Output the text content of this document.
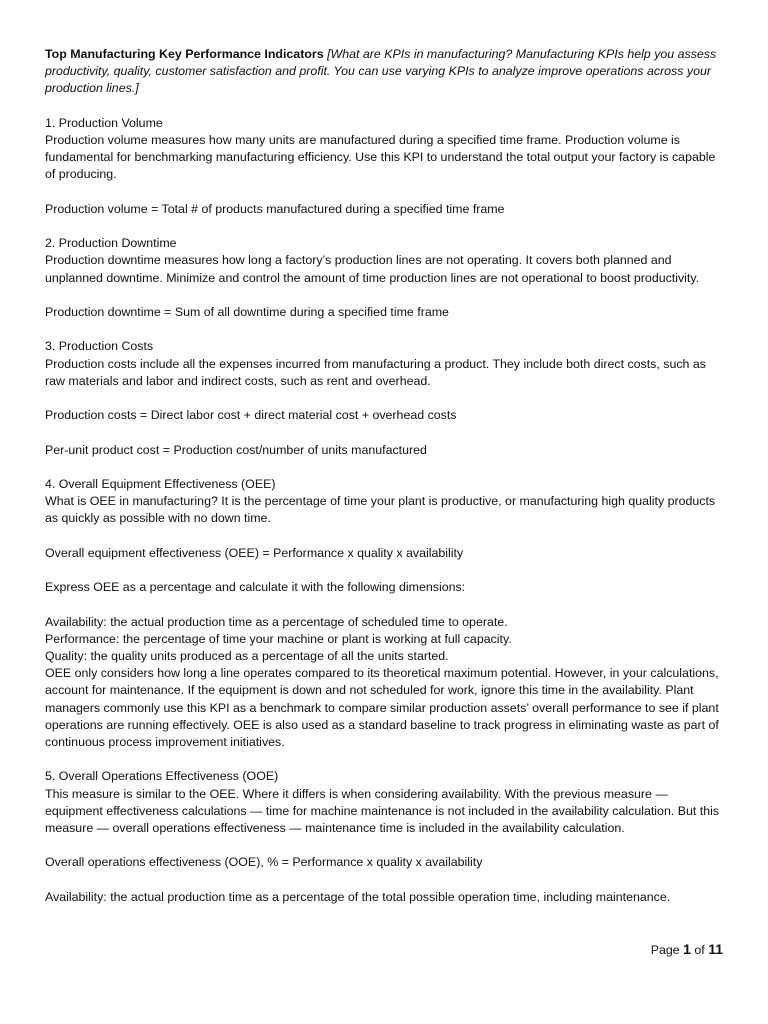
Top Manufacturing Key Performance Indicators [What are KPIs in manufacturing? Manufacturing KPIs help you assess productivity, quality, customer satisfaction and profit. You can use varying KPIs to analyze improve operations across your production lines.]

1. Production Volume

Production volume measures how many units are manufactured during a specified time frame. Production volume is fundamental for benchmarking manufacturing efficiency. Use this KPI to understand the total output your factory is capable of producing.

Production volume = Total # of products manufactured during a specified time frame

2. Production Downtime

Production downtime measures how long a factory’s production lines are not operating. It covers both planned and unplanned downtime. Minimize and control the amount of time production lines are not operational to boost productivity.

Production downtime = Sum of all downtime during a specified time frame

3. Production Costs

Production costs include all the expenses incurred from manufacturing a product. They include both direct costs, such as raw materials and labor and indirect costs, such as rent and overhead.

Production costs = Direct labor cost + direct material cost + overhead costs

Per-unit product cost = Production cost/number of units manufactured

4. Overall Equipment Effectiveness (OEE)

What is OEE in manufacturing? It is the percentage of time your plant is productive, or manufacturing high quality products as quickly as possible with no down time.

Overall equipment effectiveness (OEE) = Performance x quality x availability

Express OEE as a percentage and calculate it with the following dimensions:

Availability: the actual production time as a percentage of scheduled time to operate.

Performance: the percentage of time your machine or plant is working at full capacity.

Quality: the quality units produced as a percentage of all the units started.

OEE only considers how long a line operates compared to its theoretical maximum potential. However, in your calculations, account for maintenance. If the equipment is down and not scheduled for work, ignore this time in the availability. Plant managers commonly use this KPI as a benchmark to compare similar production assets’ overall performance to see if plant operations are running effectively. OEE is also used as a standard baseline to track progress in eliminating waste as part of continuous process improvement initiatives.

5. Overall Operations Effectiveness (OOE)

This measure is similar to the OEE. Where it differs is when considering availability. With the previous measure — equipment effectiveness calculations — time for machine maintenance is not included in the availability calculation. But this measure — overall operations effectiveness — maintenance time is included in the availability calculation.

Overall operations effectiveness (OOE), % = Performance x quality x availability

Availability: the actual production time as a percentage of the total possible operation time, including maintenance.

Page 1 of 11
